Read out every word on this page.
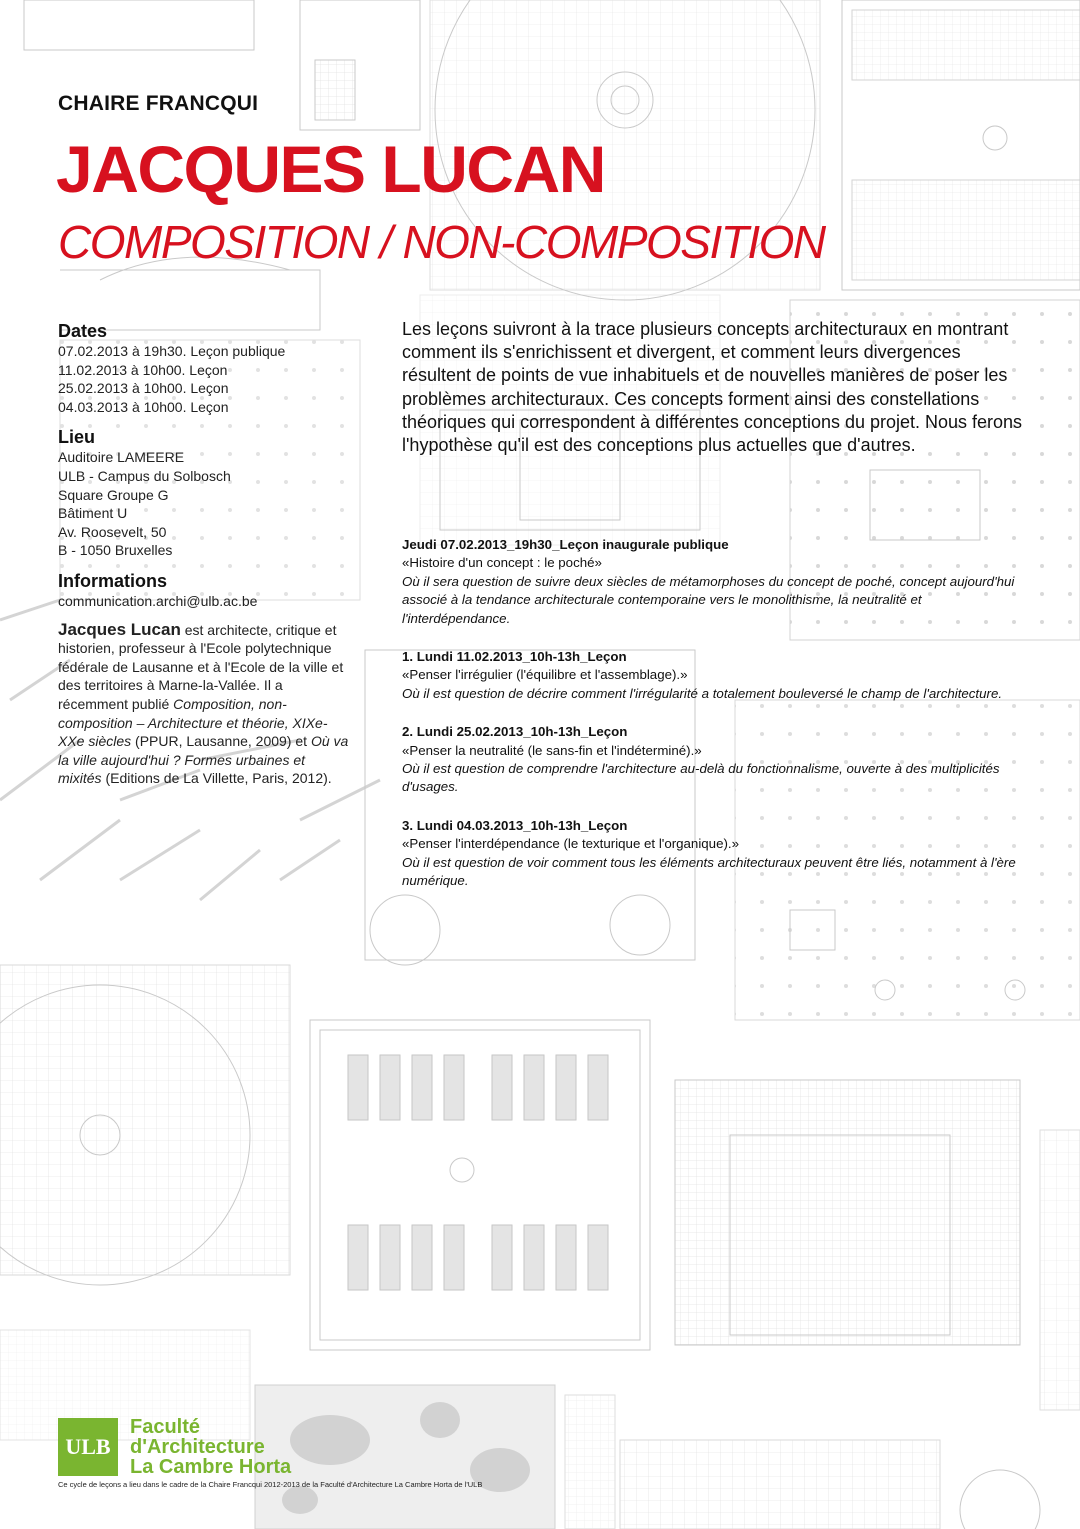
CHAIRE FRANCQUI
JACQUES LUCAN
COMPOSITION / NON-COMPOSITION
Dates
07.02.2013 à 19h30. Leçon publique
11.02.2013 à 10h00. Leçon
25.02.2013 à 10h00. Leçon
04.03.2013 à 10h00. Leçon
Lieu
Auditoire LAMEERE
ULB - Campus du Solbosch
Square Groupe G
Bâtiment U
Av. Roosevelt, 50
B - 1050 Bruxelles
Informations
communication.archi@ulb.ac.be
Jacques Lucan est architecte, critique et historien, professeur à l'Ecole polytechnique fédérale de Lausanne et à l'Ecole de la ville et des territoires à Marne-la-Vallée. Il a récemment publié Composition, non-composition – Architecture et théorie, XIXe-XXe siècles (PPUR, Lausanne, 2009) et Où va la ville aujourd'hui ? Formes urbaines et mixités (Editions de La Villette, Paris, 2012).
Les leçons suivront à la trace plusieurs concepts architecturaux en montrant comment ils s'enrichissent et divergent, et comment leurs divergences résultent de points de vue inhabituels et de nouvelles manières de poser les problèmes architecturaux. Ces concepts forment ainsi des constellations théoriques qui correspondent à différentes conceptions du projet. Nous ferons l'hypothèse qu'il est des conceptions plus actuelles que d'autres.
Jeudi 07.02.2013_19h30_Leçon inaugurale publique
«Histoire d'un concept : le poché»
Où il sera question de suivre deux siècles de métamorphoses du concept de poché, concept aujourd'hui associé à la tendance architecturale contemporaine vers le monolithisme, la neutralité et l'interdépendance.
1. Lundi 11.02.2013_10h-13h_Leçon
«Penser l'irrégulier (l'équilibre et l'assemblage).»
Où il est question de décrire comment l'irrégularité a totalement bouleversé le champ de l'architecture.
2. Lundi 25.02.2013_10h-13h_Leçon
«Penser la neutralité (le sans-fin et l'indéterminé).»
Où il est question de comprendre l'architecture au-delà du fonctionnalisme, ouverte à des multiplicités d'usages.
3. Lundi 04.03.2013_10h-13h_Leçon
«Penser l'interdépendance (le texturique et l'organique).»
Où il est question de voir comment tous les éléments architecturaux peuvent être liés, notamment à l'ère numérique.
ULB
Faculté
d'Architecture
La Cambre Horta
Ce cycle de leçons a lieu dans le cadre de la Chaire Francqui 2012-2013 de la Faculté d'Architecture La Cambre Horta de l'ULB
